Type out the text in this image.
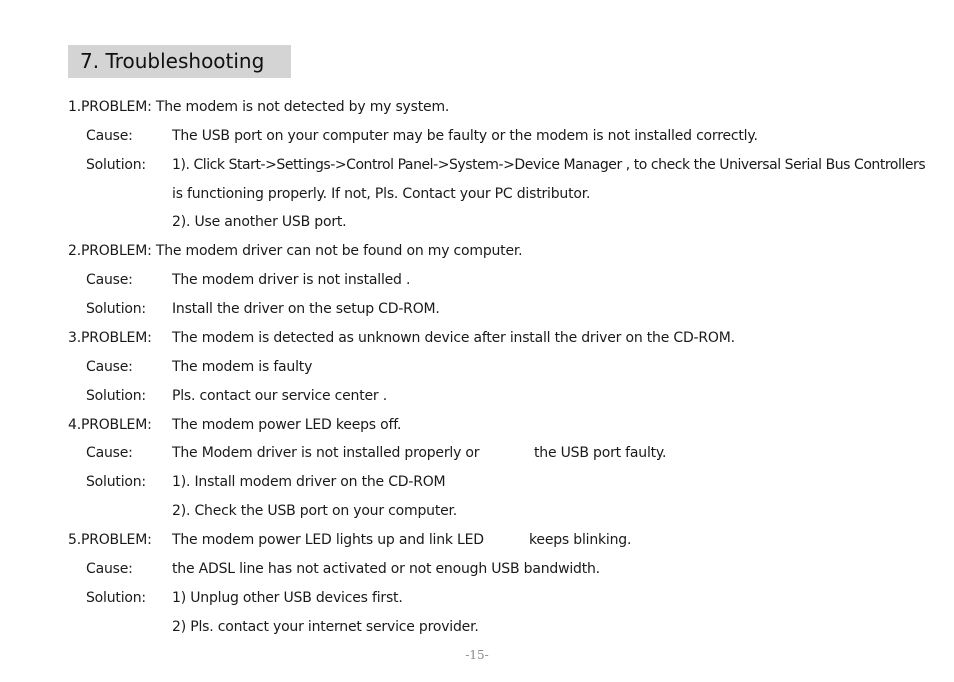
7. Troubleshooting
1.PROBLEM: The modem is not detected by my system.
Cause:	The USB port on your computer may be faulty or the modem is not installed correctly.
Solution: 1). Click Start->Settings->Control Panel->System->Device Manager , to check the Universal Serial Bus Controllers
is functioning properly. If not, Pls. Contact your PC distributor.
2). Use another USB port.
2.PROBLEM: The modem driver can not be found on my computer.
Cause:	The modem driver is not installed .
Solution: Install the driver on the setup CD-ROM.
3.PROBLEM: The modem is detected as unknown device after install the driver on the CD-ROM.
Cause:	The modem is faulty
Solution: Pls. contact our service center .
4.PROBLEM: The modem power LED keeps off.
Cause:	The Modem driver is not installed properly or	the USB port faulty.
Solution: 1). Install modem driver on the CD-ROM
2). Check the USB port on your computer.
5.PROBLEM: The modem power LED lights up and link LED	keeps blinking.
Cause:	the ADSL line has not activated or not enough USB bandwidth.
Solution: 1) Unplug other USB devices first.
2) Pls. contact your internet service provider.
-15-
